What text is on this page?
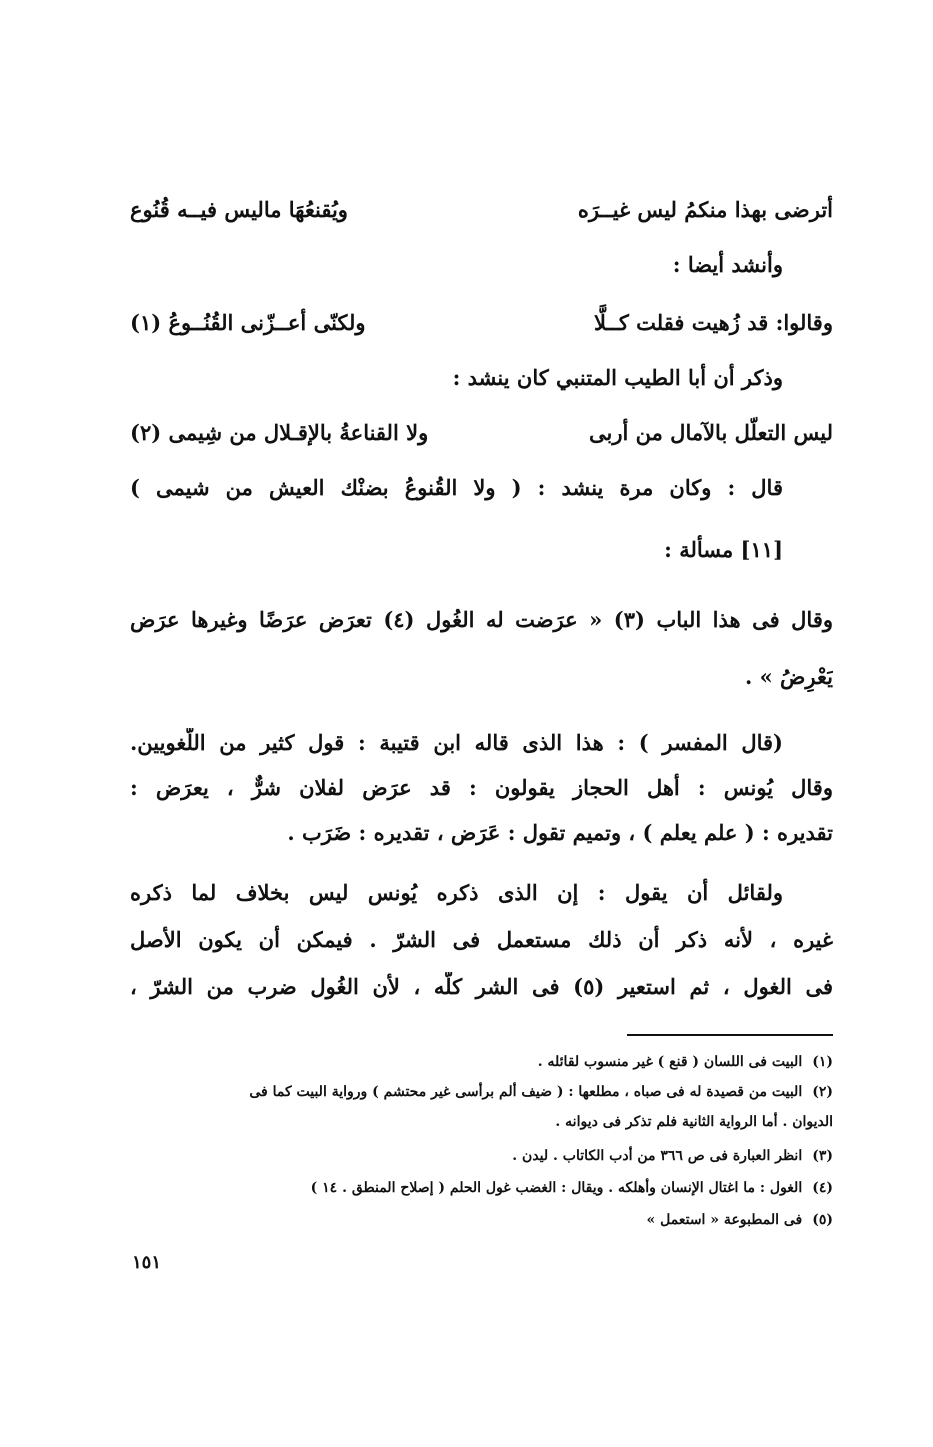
أترضى بهذا منكمُ ليس غيــرَه
ويُقنعُهَا ماليس فيــه قُنُوع
وأنشد أيضا :
وقالوا: قد زُهيت فقلت كــلَّا
ولكنّى أعــزّنى القُنُــوعُ (١)
وذكر أن أبا الطيب المتنبي كان ينشد :
ليس التعلّل بالآمال من أربى
ولا القناعةُ بالإقـلال من شِيمى (٢)
قال : وكان مرة ينشد : ( ولا القُنوعُ بضنْك العيش من شيمى )
[١١] مسألة :
وقال فى هذا الباب (٣) « عرَضت له الغُول (٤) تعرَض عرَضًا وغيرها عرَض
يَعْرِضُ » .
(قال المفسر ) : هذا الذى قاله ابن قتيبة : قول كثير من اللُّغويين.
وقال يُونس : أهل الحجاز يقولون : قد عرَض لفلان شرٌّ ، يعرَض :
تقديره : ( علم يعلم ) ، وتميم تقول : عَرَض ، تقديره : ضَرَب .
ولقائل أن يقول : إن الذى ذكره يُونس ليس بخلاف لما ذكره
غيره ، لأنه ذكر أن ذلك مستعمل فى الشرّ . فيمكن أن يكون الأصل
فى الغول ، ثم استعير (٥) فى الشر كلّه ، لأن الغُول ضرب من الشرّ ،
(١)البيت فى اللسان ( قنع ) غير منسوب لقائله .
(٢)البيت من قصيدة له فى صباه ، مطلعها : ( ضيف ألم برأسى غير محتشم ) ورواية البيت كما فى
الديوان . أما الرواية الثانية فلم تذكر فى ديوانه .
(٣)انظر العبارة فى ص ٣٦٦ من أدب الكاتاب . ليدن .
(٤)الغول : ما اغتال الإنسان وأهلكه . ويقال : الغضب غول الحلم ( إصلاح المنطق . ١٤ )
(٥)فى المطبوعة « استعمل »
١٥١
